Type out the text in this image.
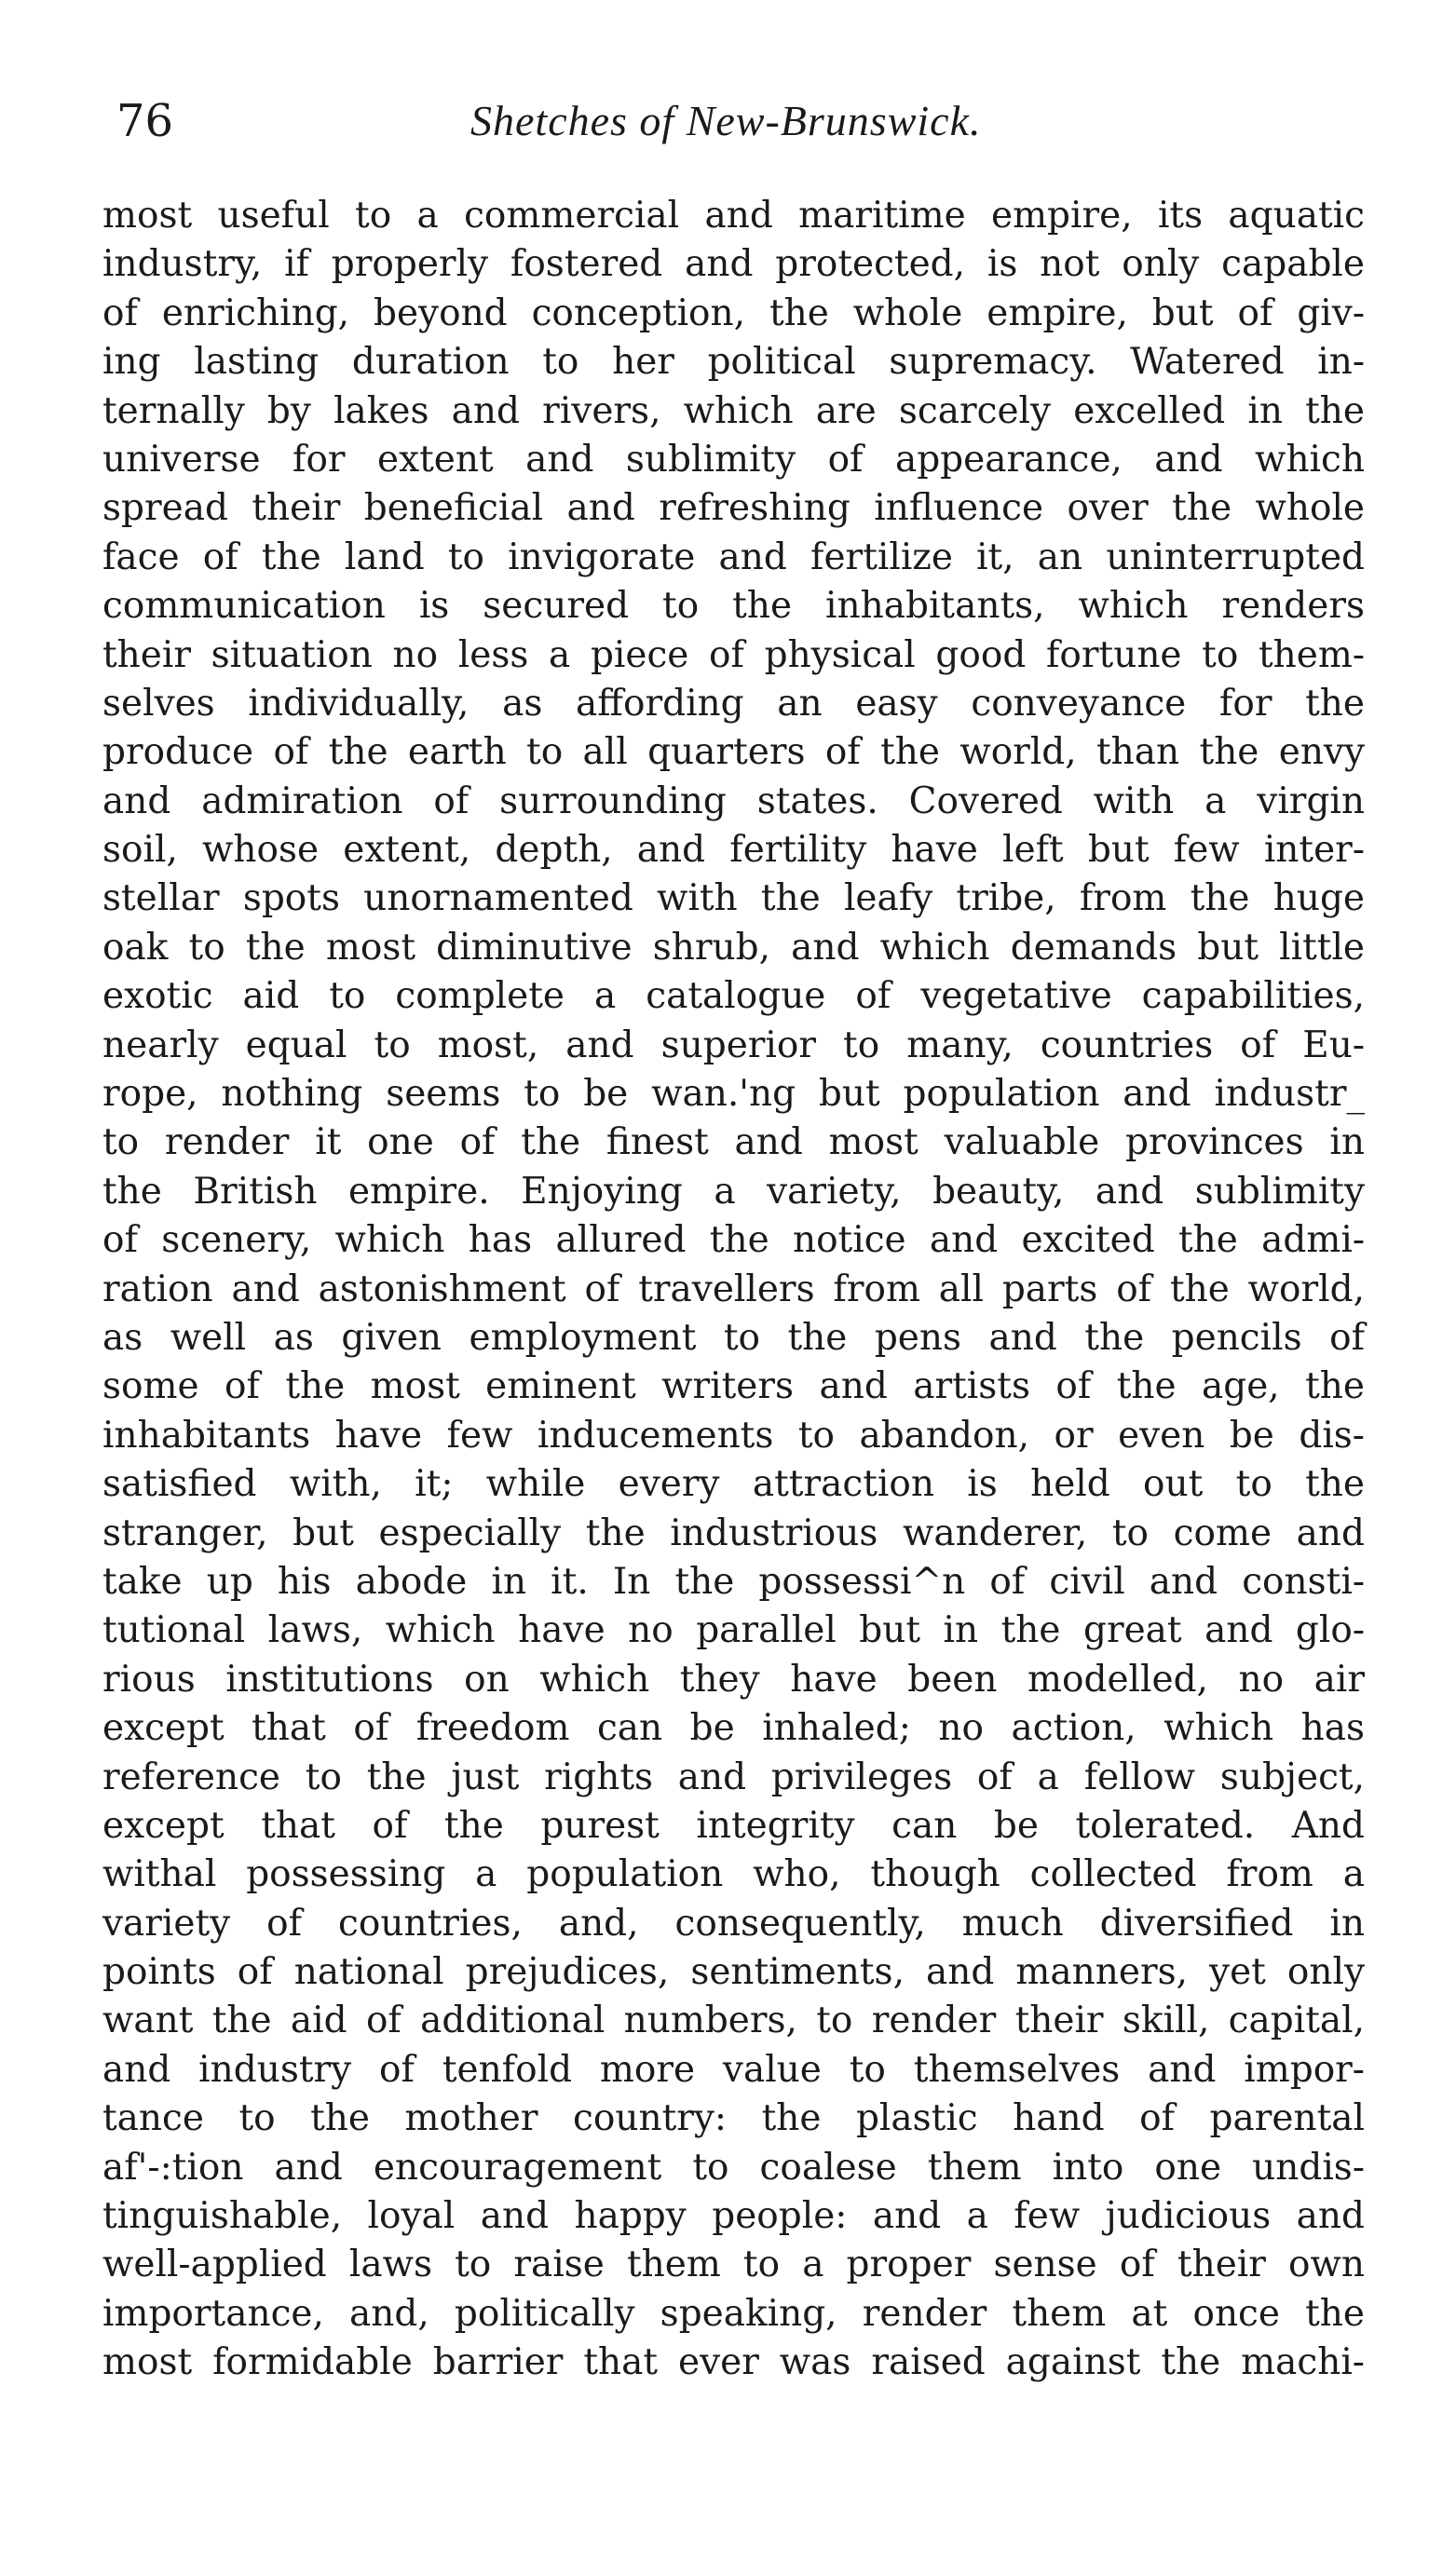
76	Shetches of New-Brunswick.
most useful to a commercial and maritime empire, its aquatic
industry, if properly fostered and protected, is not only capable
of enriching, beyond conception, the whole empire, but of giv-
ing lasting duration to her political supremacy. Watered in-
ternally by lakes and rivers, which are scarcely excelled in the
universe for extent and sublimity of appearance, and which
spread their beneficial and refreshing influence over the whole
face of the land to invigorate and fertilize it, an uninterrupted
communication is secured to the inhabitants, which renders
their situation no less a piece of physical good fortune to them-
selves individually, as affording an easy conveyance for the
produce of the earth to all quarters of the world, than the envy
and admiration of surrounding states. Covered with a virgin
soil, whose extent, depth, and fertility have left but few inter-
stellar spots unornamented with the leafy tribe, from the huge
oak to the most diminutive shrub, and which demands but little
exotic aid to complete a catalogue of vegetative capabilities,
nearly equal to most, and superior to many, countries of Eu-
rope, nothing seems to be wan.'ng but population and industr_
to render it one of the finest and most valuable provinces in
the British empire. Enjoying a variety, beauty, and sublimity
of scenery, which has allured the notice and excited the admi-
ration and astonishment of travellers from all parts of the world,
as well as given employment to the pens and the pencils of
some of the most eminent writers and artists of the age, the
inhabitants have few inducements to abandon, or even be dis-
satisfied with, it; while every attraction is held out to the
stranger, but especially the industrious wanderer, to come and
take up his abode in it. In the possessi^n of civil and consti-
tutional laws, which have no parallel but in the great and glo-
rious institutions on which they have been modelled, no air
except that of freedom can be inhaled; no action, which has
reference to the just rights and privileges of a fellow subject,
except that of the purest integrity can be tolerated. And
withal possessing a population who, though collected from a
variety of countries, and, consequently, much diversified in
points of national prejudices, sentiments, and manners, yet only
want the aid of additional numbers, to render their skill, capital,
and industry of tenfold more value to themselves and impor-
tance to the mother country: the plastic hand of parental
af'-:tion and encouragement to coalese them into one undis-
tinguishable, loyal and happy people: and a few judicious and
well-applied laws to raise them to a proper sense of their own
importance, and, politically speaking, render them at once the
most formidable barrier that ever was raised against the machi-
